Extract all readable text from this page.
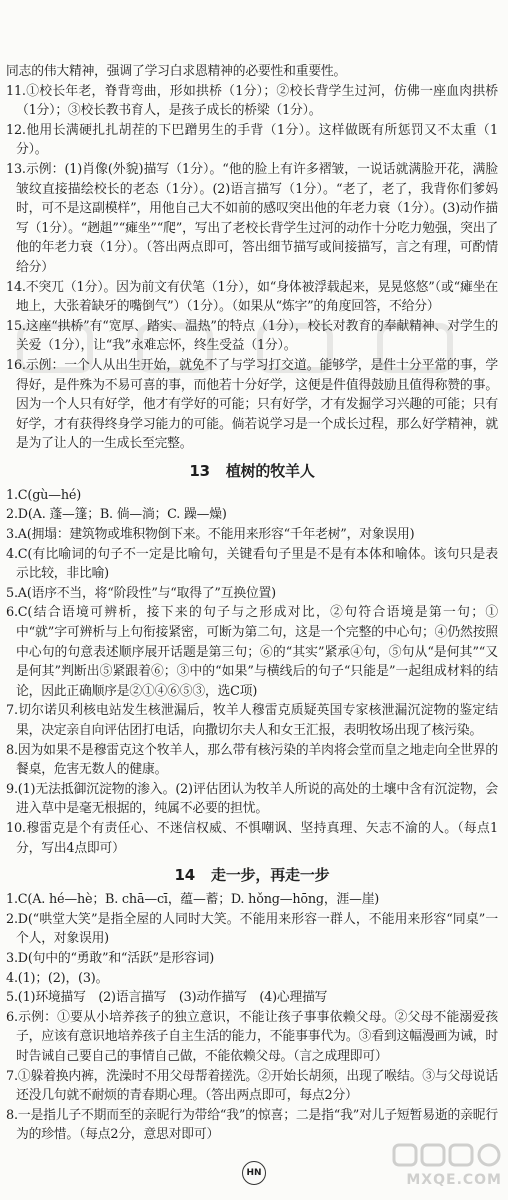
同志的伟大精神，强调了学习白求恩精神的必要性和重要性。

11.①校长年老，脊背弯曲，形如拱桥（1分）；②校长背学生过河，仿佛一座血肉拱桥（1分）；③校长教书育人，是孩子成长的桥梁（1分）。

12.他用长满硬扎扎胡茬的下巴蹭男生的手背（1分）。这样做既有所惩罚又不太重（1分）。

13.示例：(1)肖像(外貌)描写（1分）。“他的脸上有许多褶皱，一说话就满脸开花，满脸皱纹直接描绘校长的老态（1分）。(2)语言描写（1分）。“老了，老了，我背你们爹妈时，可不是这副模样”，用他自己大不如前的感叹突出他的年老力衰（1分）。(3)动作描写（1分）。“趔趄”“瘫坐”“爬”，写出了老校长背学生过河的动作十分吃力勉强，突出了他的年老力衰（1分）。（答出两点即可，答出细节描写或间接描写，言之有理，可酌情给分）

14.不突兀（1分）。因为前文有伏笔（1分），如“身体被浮载起来，晃晃悠悠”（或“瘫坐在地上，大张着缺牙的嘴倒气”）（1分）。（如果从“炼字”的角度回答，不给分）

15.这座“拱桥”有“宽厚、踏实、温热”的特点（1分），校长对教育的奉献精神、对学生的关爱（1分），让“我”永难忘怀，终生受益（1分）。

16.示例：一个人从出生开始，就免不了与学习打交道。能够学，是件十分平常的事，学得好，是件殊为不易可喜的事，而他若十分好学，这便是件值得鼓励且值得称赞的事。因为一个人只有好学，他才有学好的可能；只有好学，才有发掘学习兴趣的可能；只有好学，才有获得终身学习能力的可能。倘若说学习是一个成长过程，那么好学精神，就是为了让人的一生成长至完整。

13 植树的牧羊人

1.C(gù—hé)

2.D(A. 蓬—篷；B. 倘—淌；C. 躁—燥)

3.A(拥塌：建筑物或堆积物倒下来。不能用来形容“千年老树”，对象误用)

4.C(有比喻词的句子不一定是比喻句，关键看句子里是不是有本体和喻体。该句只是表示比较，非比喻)

5.A(语序不当，将“阶段性”与“取得了”互换位置)

6.C(结合语境可辨析，接下来的句子与之形成对比，②句符合语境是第一句；①中“就”字可辨析与上句衔接紧密，可断为第二句，这是一个完整的中心句；④仍然按照中心句的句意表述顺序展开话题是第三句；⑥的“其实”紧承④句，⑤句从“是何其”“又是何其”判断出⑤紧跟着⑥；③中的“如果”与横线后的句子“只能是”一起组成材料的结论，因此正确顺序是②①④⑥⑤③，选C项)

7.切尔诺贝利核电站发生核泄漏后，牧羊人穆雷克质疑英国专家核泄漏沉淀物的鉴定结果，决定亲自向评估团打电话，向撒切尔夫人和女王汇报，表明牧场出现了核污染。

8.因为如果不是穆雷克这个牧羊人，那么带有核污染的羊肉将会堂而皇之地走向全世界的餐桌，危害无数人的健康。

9.(1)无法抵御沉淀物的渗入。(2)评估团认为牧羊人所说的高处的土壤中含有沉淀物，会进入草中是毫无根据的，纯属不必要的担忧。

10.穆雷克是个有责任心、不迷信权威、不惧嘲讽、坚持真理、矢志不渝的人。（每点1分，写出4点即可）

14 走一步，再走一步

1.C(A. hé—hè；B. chā—cī，蕴—蓄；D. hǒng—hōng，涯—崖)

2.D(“哄堂大笑”是指全屋的人同时大笑。不能用来形容一群人，不能用来形容“同桌”一个人，对象误用)

3.D(句中的“勇敢”和“活跃”是形容词)

4.(1)；(2)，(3)。

5.(1)环境描写　(2)语言描写　(3)动作描写　(4)心理描写

6.示例：①要从小培养孩子的独立意识，不能让孩子事事依赖父母。②父母不能溺爱孩子，应该有意识地培养孩子自主生活的能力，不能事事代为。③看到这幅漫画为诫，时时告诫自己要自己的事情自己做，不能依赖父母。（言之成理即可）

7.①躲着换内裤，洗澡时不用父母帮着搓洗。②开始长胡须，出现了喉结。③与父母说话还没几句就不耐烦的青春期心理。（答出两点即可，每点2分）

8.一是指儿子不期而至的亲昵行为带给“我”的惊喜；二是指“我”对儿子短暂易逝的亲昵行为的珍惜。（每点2分，意思对即可）

HN	MXQE.COM
